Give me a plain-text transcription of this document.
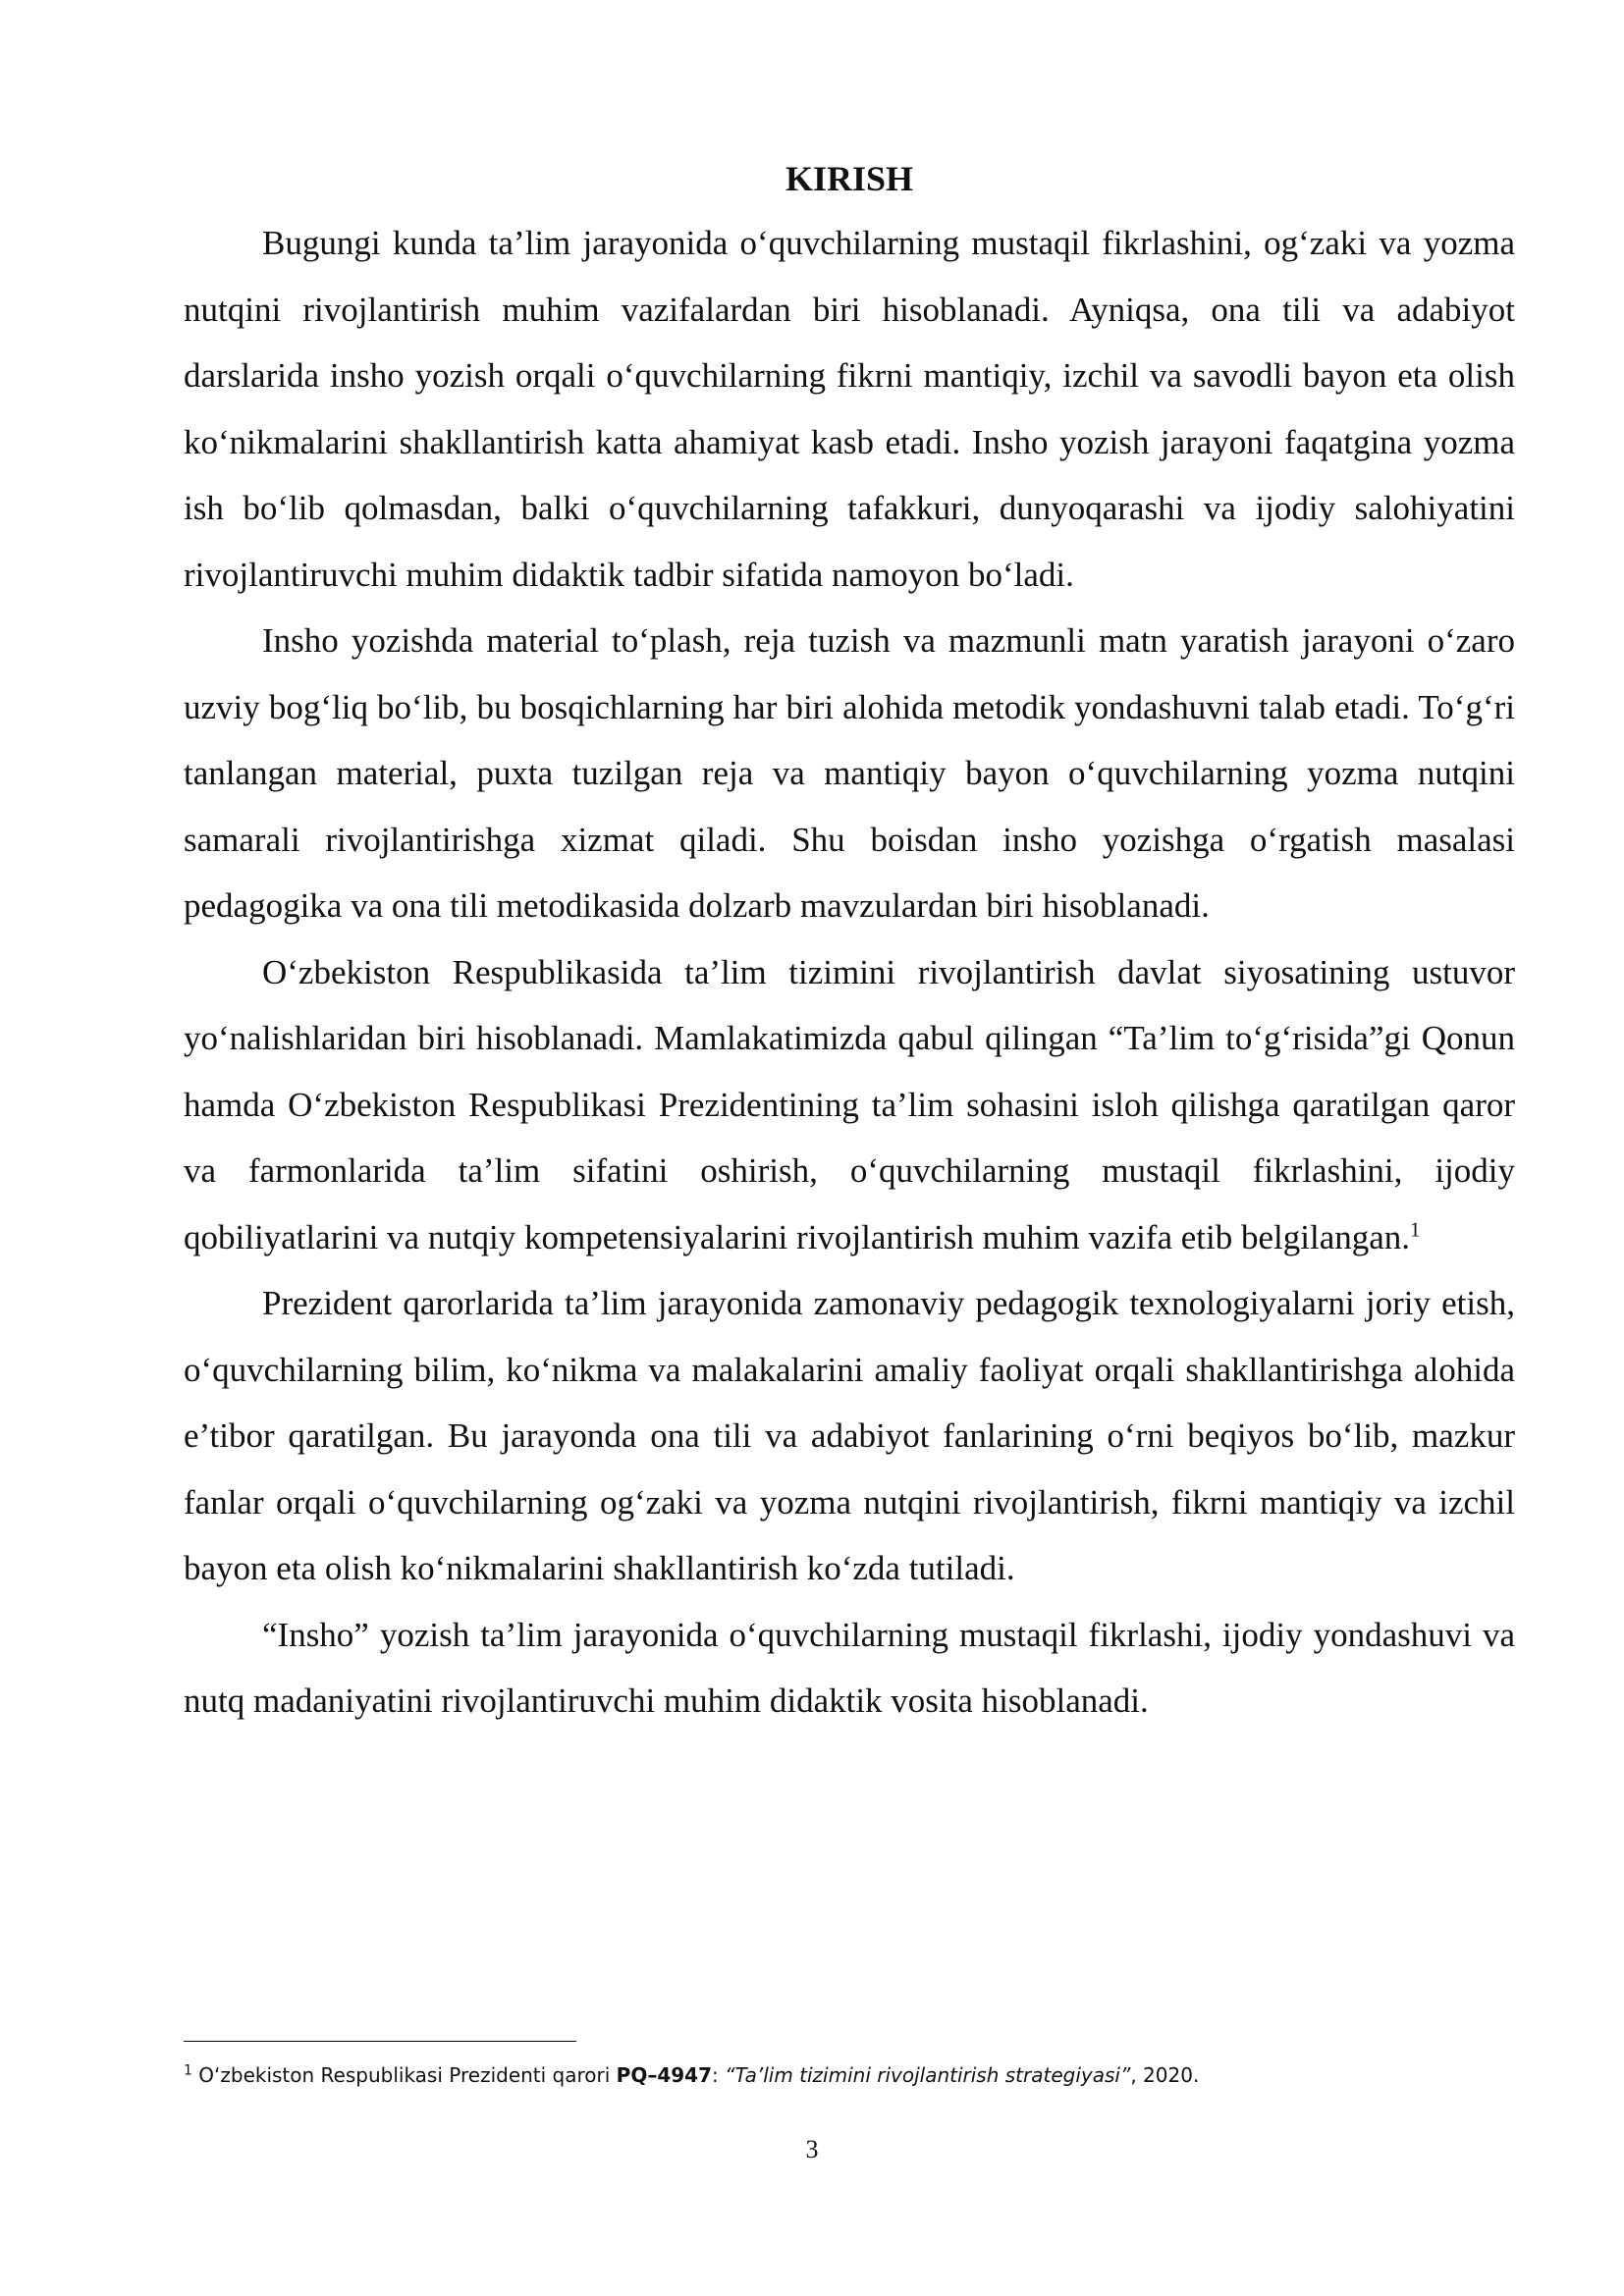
KIRISH

Bugungi kunda ta’lim jarayonida o‘quvchilarning mustaqil fikrlashini, og‘zaki va yozma nutqini rivojlantirish muhim vazifalardan biri hisoblanadi. Ayniqsa, ona tili va adabiyot darslarida insho yozish orqali o‘quvchilarning fikrni mantiqiy, izchil va savodli bayon eta olish ko‘nikmalarini shakllantirish katta ahamiyat kasb etadi. Insho yozish jarayoni faqatgina yozma ish bo‘lib qolmasdan, balki o‘quvchilarning tafakkuri, dunyoqarashi va ijodiy salohiyatini rivojlantiruvchi muhim didaktik tadbir sifatida namoyon bo‘ladi.

Insho yozishda material to‘plash, reja tuzish va mazmunli matn yaratish jarayoni o‘zaro uzviy bog‘liq bo‘lib, bu bosqichlarning har biri alohida metodik yondashuvni talab etadi. To‘g‘ri tanlangan material, puxta tuzilgan reja va mantiqiy bayon o‘quvchilarning yozma nutqini samarali rivojlantirishga xizmat qiladi. Shu boisdan insho yozishga o‘rgatish masalasi pedagogika va ona tili metodikasida dolzarb mavzulardan biri hisoblanadi.

O‘zbekiston Respublikasida ta’lim tizimini rivojlantirish davlat siyosatining ustuvor yo‘nalishlaridan biri hisoblanadi. Mamlakatimizda qabul qilingan “Ta’lim to‘g‘risida”gi Qonun hamda O‘zbekiston Respublikasi Prezidentining ta’lim sohasini isloh qilishga qaratilgan qaror va farmonlarida ta’lim sifatini oshirish, o‘quvchilarning mustaqil fikrlashini, ijodiy qobiliyatlarini va nutqiy kompetensiyalarini rivojlantirish muhim vazifa etib belgilangan.$^1$

Prezident qarorlarida ta’lim jarayonida zamonaviy pedagogik texnologiyalarni joriy etish, o‘quvchilarning bilim, ko‘nikma va malakalarini amaliy faoliyat orqali shakllantirishga alohida e’tibor qaratilgan. Bu jarayonda ona tili va adabiyot fanlarining o‘rni beqiyos bo‘lib, mazkur fanlar orqali o‘quvchilarning og‘zaki va yozma nutqini rivojlantirish, fikrni mantiqiy va izchil bayon eta olish ko‘nikmalarini shakllantirish ko‘zda tutiladi.

“Insho” yozish ta’lim jarayonida o‘quvchilarning mustaqil fikrlashi, ijodiy yondashuvi va nutq madaniyatini rivojlantiruvchi muhim didaktik vosita hisoblanadi.

$^1$ O‘zbekiston Respublikasi Prezidenti qarori PQ–4947: “Ta’lim tizimini rivojlantirish strategiyasi”, 2020.
3
